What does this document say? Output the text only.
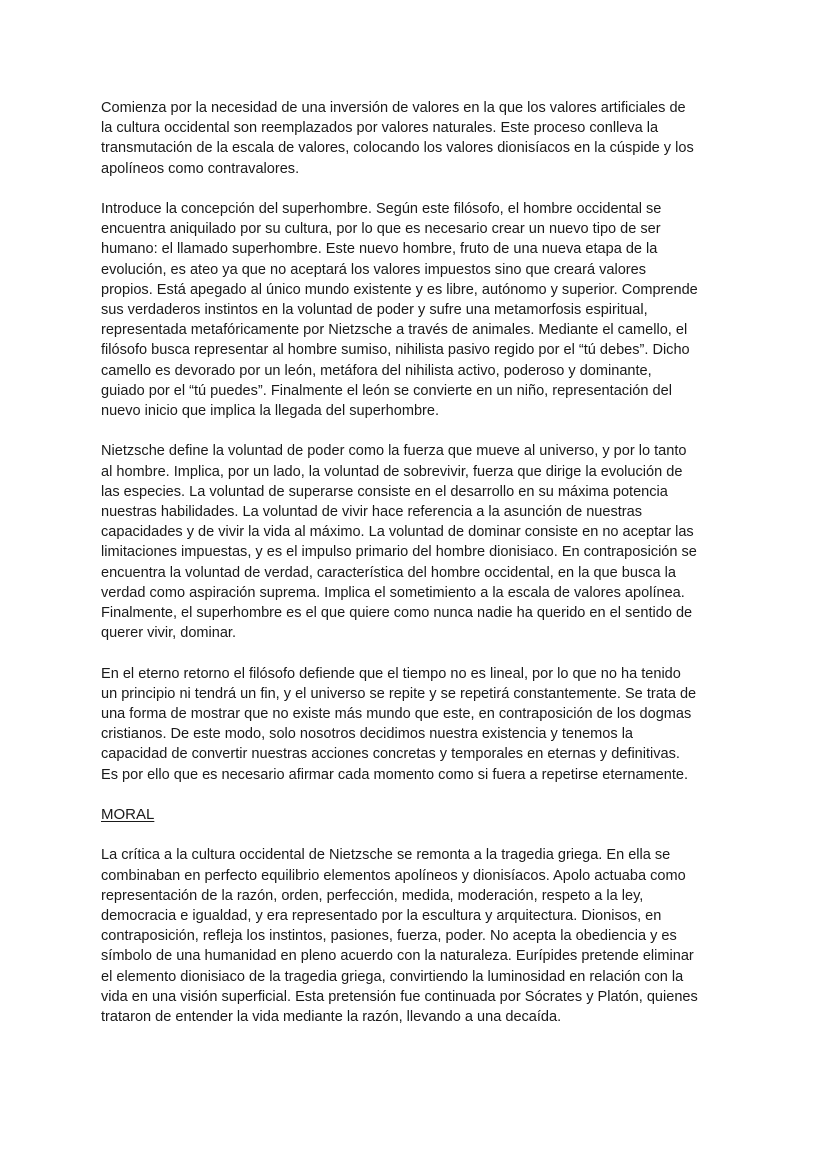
Comienza por la necesidad de una inversión de valores en la que los valores artificiales de
la cultura occidental son reemplazados por valores naturales. Este proceso conlleva la
transmutación de la escala de valores, colocando los valores dionisíacos en la cúspide y los
apolíneos como contravalores.
Introduce la concepción del superhombre. Según este filósofo, el hombre occidental se
encuentra aniquilado por su cultura, por lo que es necesario crear un nuevo tipo de ser
humano: el llamado superhombre. Este nuevo hombre, fruto de una nueva etapa de la
evolución, es ateo ya que no aceptará los valores impuestos sino que creará valores
propios. Está apegado al único mundo existente y es libre, autónomo y superior. Comprende
sus verdaderos instintos en la voluntad de poder y sufre una metamorfosis espiritual,
representada metafóricamente por Nietzsche a través de animales. Mediante el camello, el
filósofo busca representar al hombre sumiso, nihilista pasivo regido por el “tú debes”. Dicho
camello es devorado por un león, metáfora del nihilista activo, poderoso y dominante,
guiado por el “tú puedes”. Finalmente el león se convierte en un niño, representación del
nuevo inicio que implica la llegada del superhombre.
Nietzsche define la voluntad de poder como la fuerza que mueve al universo, y por lo tanto
al hombre. Implica, por un lado, la voluntad de sobrevivir, fuerza que dirige la evolución de
las especies. La voluntad de superarse consiste en el desarrollo en su máxima potencia
nuestras habilidades. La voluntad de vivir hace referencia a la asunción de nuestras
capacidades y de vivir la vida al máximo. La voluntad de dominar consiste en no aceptar las
limitaciones impuestas, y es el impulso primario del hombre dionisiaco. En contraposición se
encuentra la voluntad de verdad, característica del hombre occidental, en la que busca la
verdad como aspiración suprema. Implica el sometimiento a la escala de valores apolínea.
Finalmente, el superhombre es el que quiere como nunca nadie ha querido en el sentido de
querer vivir, dominar.
En el eterno retorno el filósofo defiende que el tiempo no es lineal, por lo que no ha tenido
un principio ni tendrá un fin, y el universo se repite y se repetirá constantemente. Se trata de
una forma de mostrar que no existe más mundo que este, en contraposición de los dogmas
cristianos. De este modo, solo nosotros decidimos nuestra existencia y tenemos la
capacidad de convertir nuestras acciones concretas y temporales en eternas y definitivas.
Es por ello que es necesario afirmar cada momento como si fuera a repetirse eternamente.
MORAL
La crítica a la cultura occidental de Nietzsche se remonta a la tragedia griega. En ella se
combinaban en perfecto equilibrio elementos apolíneos y dionisíacos. Apolo actuaba como
representación de la razón, orden, perfección, medida, moderación, respeto a la ley,
democracia e igualdad, y era representado por la escultura y arquitectura. Dionisos, en
contraposición, refleja los instintos, pasiones, fuerza, poder. No acepta la obediencia y es
símbolo de una humanidad en pleno acuerdo con la naturaleza. Eurípides pretende eliminar
el elemento dionisiaco de la tragedia griega, convirtiendo la luminosidad en relación con la
vida en una visión superficial. Esta pretensión fue continuada por Sócrates y Platón, quienes
trataron de entender la vida mediante la razón, llevando a una decaída.
